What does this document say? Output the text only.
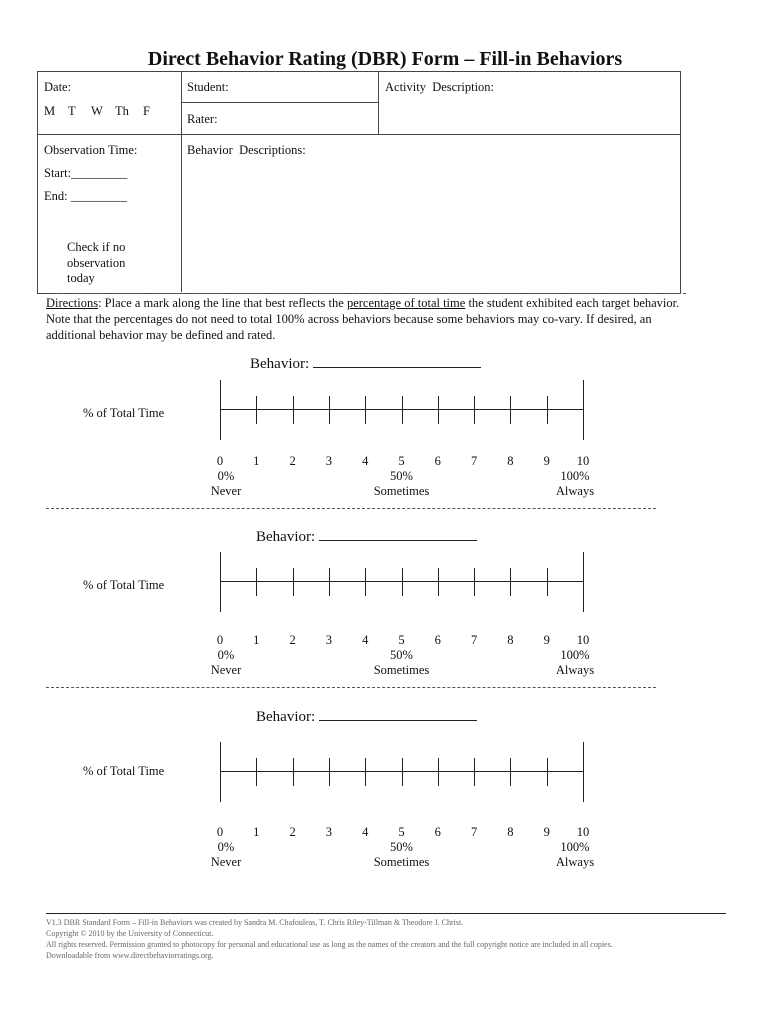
Direct Behavior Rating (DBR) Form – Fill-in Behaviors
Date:
M T W Th F
Student:
Rater:
Activity  Description:
Observation Time:
Start:_________
End: _________
Check if no observation today
Behavior  Descriptions:
Directions: Place a mark along the line that best reflects the percentage of total time the student exhibited each target behavior. Note that the percentages do not need to total 100% across behaviors because some behaviors may co-vary. If desired, an additional behavior may be defined and rated.
Behavior:
% of Total Time
Behavior:
% of Total Time
Behavior:
% of Total Time
V1.3 DBR Standard Form – Fill-in Behaviors was created by Sandra M. Chafouleas, T. Chris Riley-Tillman & Theodore J. Christ.
Copyright © 2010 by the University of Connecticut.
All rights reserved. Permission granted to photocopy for personal and educational use as long as the names of the creators and the full copyright notice are included in all copies.
Downloadable from www.directbehaviorratings.org.
0 1 2 3 4 5 6 7 8 9 10
0%	50%	100%
Never	Sometimes	Always
0 1 2 3 4 5 6 7 8 9 10
0%	50%	100%
Never	Sometimes	Always
0 1 2 3 4 5 6 7 8 9 10
0%	50%	100%
Never	Sometimes	Always
